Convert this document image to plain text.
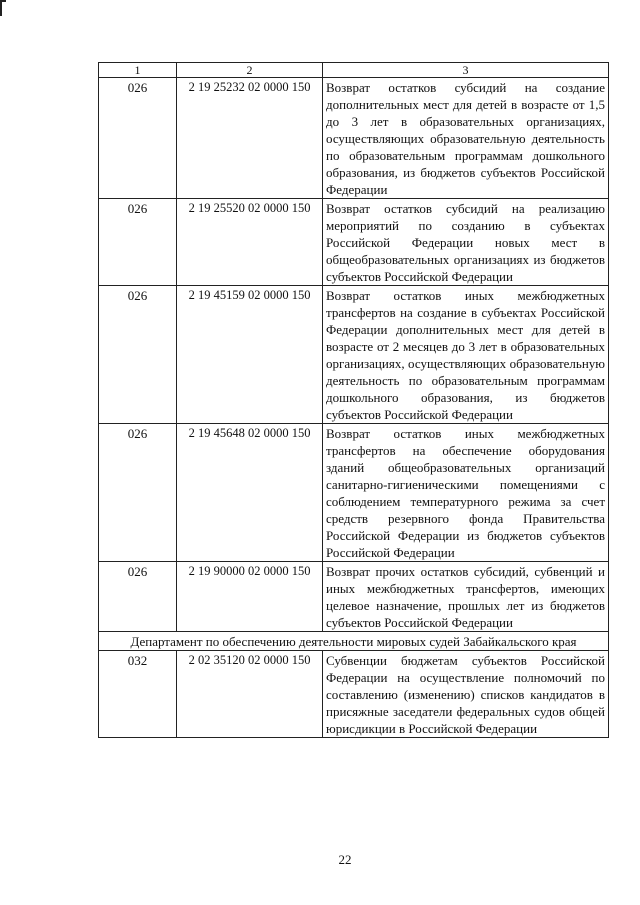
1	2	3
026	2 19 25232 02 0000 150	Возврат остатков субсидий на создание дополнительных мест для детей в возрасте от 1,5 до 3 лет в образовательных организациях, осуществляющих образовательную деятельность по образовательным программам дошкольного образования, из бюджетов субъектов Российской Федерации
026	2 19 25520 02 0000 150	Возврат остатков субсидий на реализацию мероприятий по созданию в субъектах Российской Федерации новых мест в общеобразовательных организациях из бюджетов субъектов Российской Федерации
026	2 19 45159 02 0000 150	Возврат остатков иных межбюджетных трансфертов на создание в субъектах Российской Федерации дополнительных мест для детей в возрасте от 2 месяцев до 3 лет в образовательных организациях, осуществляющих образовательную деятельность по образовательным программам дошкольного образования, из бюджетов субъектов Российской Федерации
026	2 19 45648 02 0000 150	Возврат остатков иных межбюджетных трансфертов на обеспечение оборудования зданий общеобразовательных организаций санитарно-гигиеническими помещениями с соблюдением температурного режима за счет средств резервного фонда Правительства Российской Федерации из бюджетов субъектов Российской Федерации
026	2 19 90000 02 0000 150	Возврат прочих остатков субсидий, субвенций и иных межбюджетных трансфертов, имеющих целевое назначение, прошлых лет из бюджетов субъектов Российской Федерации
Департамент по обеспечению деятельности мировых судей Забайкальского края		
032	2 02 35120 02 0000 150	Субвенции бюджетам субъектов Российской Федерации на осуществление полномочий по составлению (изменению) списков кандидатов в присяжные заседатели федеральных судов общей юрисдикции в Российской Федерации
22
